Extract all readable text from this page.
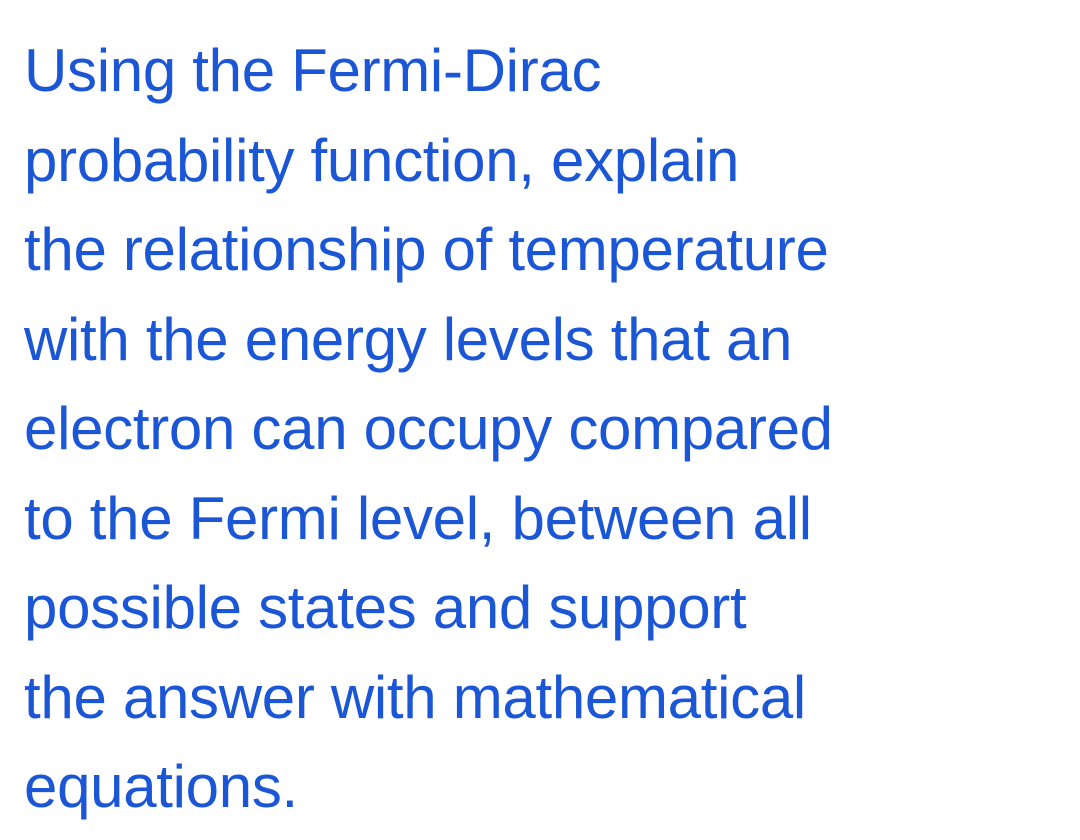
Using the Fermi-Dirac
probability function, explain
the relationship of temperature
with the energy levels that an
electron can occupy compared
to the Fermi level, between all
possible states and support
the answer with mathematical
equations.
